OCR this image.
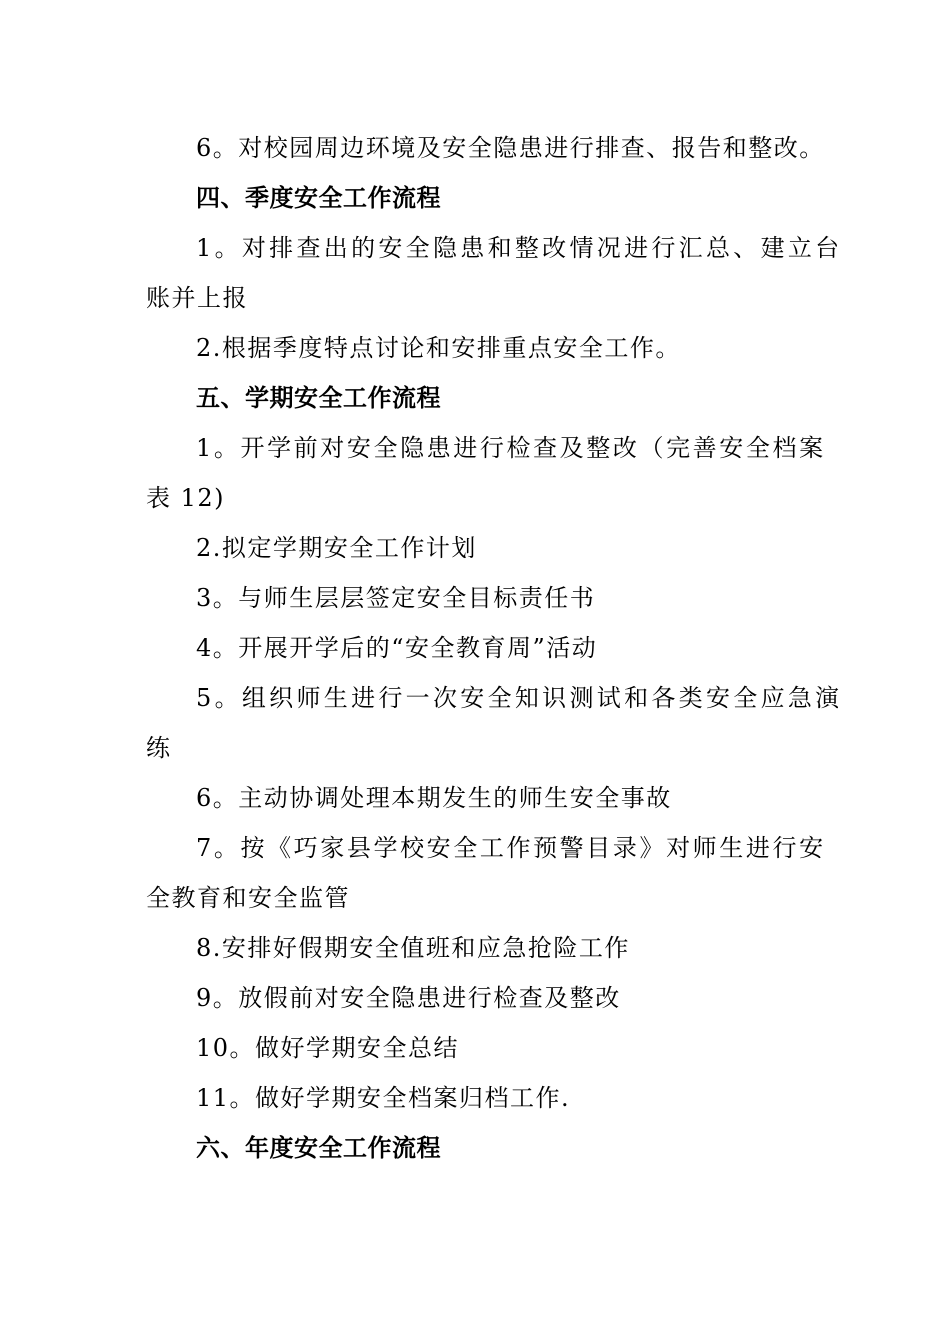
6。对校园周边环境及安全隐患进行排查、报告和整改。
四、季度安全工作流程
1。对排查出的安全隐患和整改情况进行汇总、建立台
账并上报
2.根据季度特点讨论和安排重点安全工作。
五、学期安全工作流程
1。开学前对安全隐患进行检查及整改（完善安全档案
表 12)
2.拟定学期安全工作计划
3。与师生层层签定安全目标责任书
4。开展开学后的“安全教育周”活动
5。组织师生进行一次安全知识测试和各类安全应急演
练
6。主动协调处理本期发生的师生安全事故
7。按《巧家县学校安全工作预警目录》对师生进行安
全教育和安全监管
8.安排好假期安全值班和应急抢险工作
9。放假前对安全隐患进行检查及整改
10。做好学期安全总结
11。做好学期安全档案归档工作.
六、年度安全工作流程
